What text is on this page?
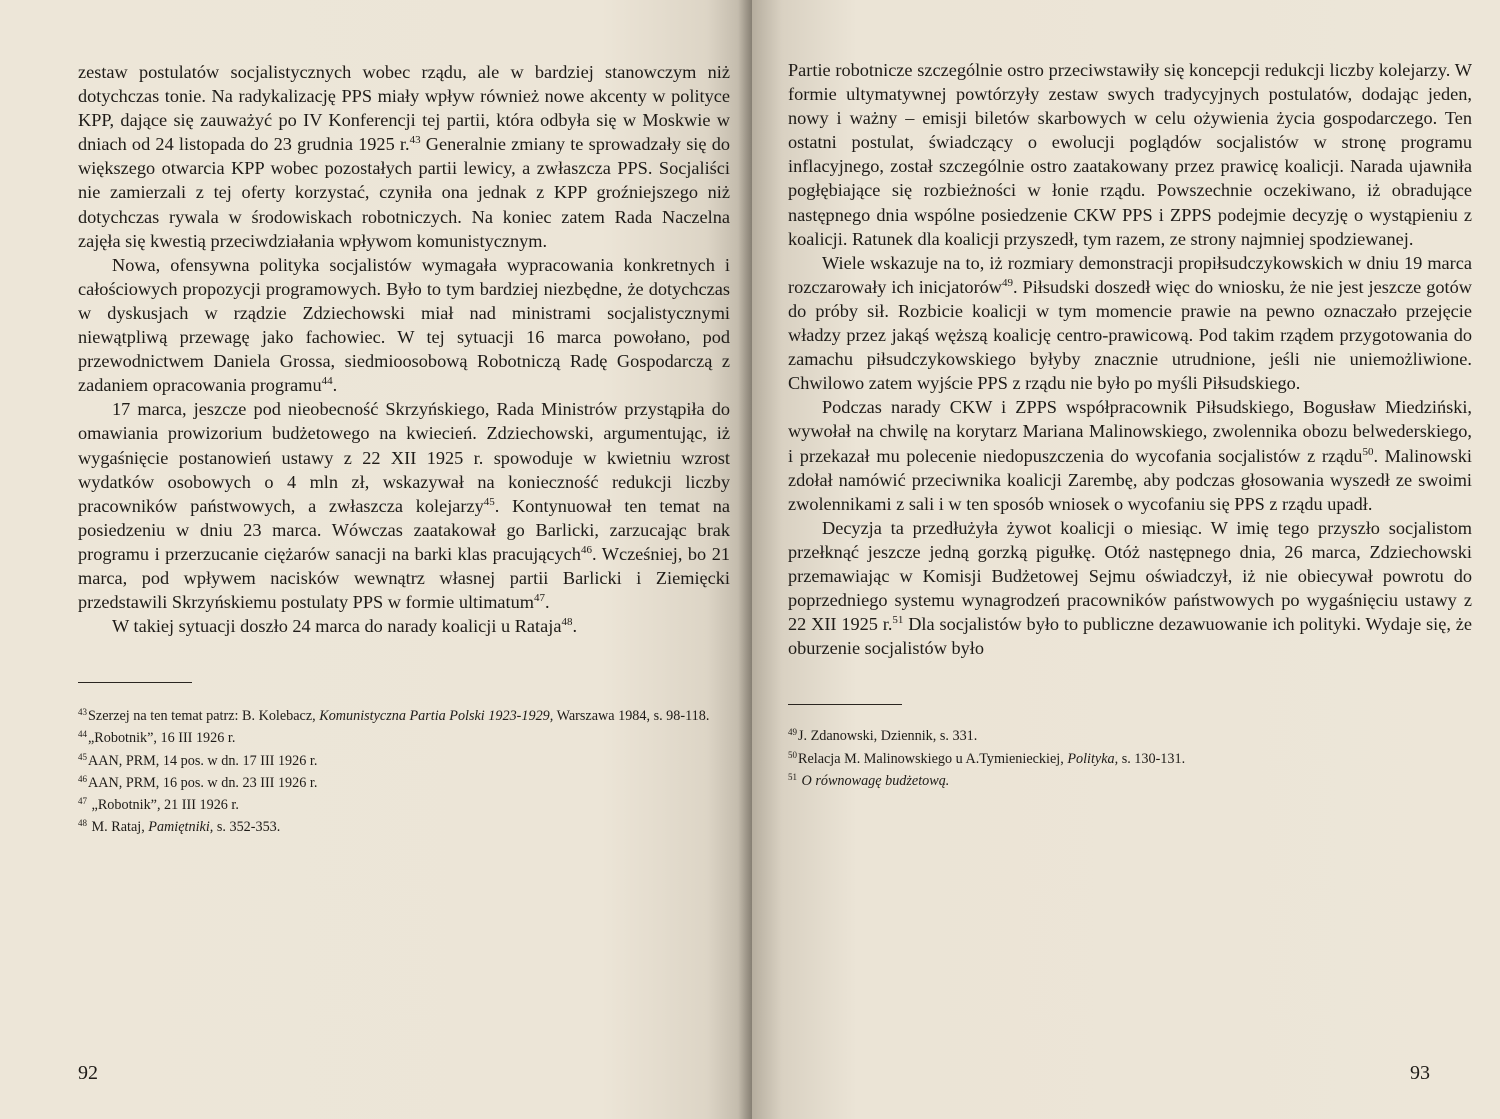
zestaw postulatów socjalistycznych wobec rządu, ale w bardziej stanowczym niż dotychczas tonie. Na radykalizację PPS miały wpływ również nowe akcenty w polityce KPP, dające się zauważyć po IV Konferencji tej partii, która odbyła się w Moskwie w dniach od 24 listopada do 23 grudnia 1925 r.$^{43}$ Generalnie zmiany te sprowadzały się do większego otwarcia KPP wobec pozostałych partii lewicy, a zwłaszcza PPS. Socjaliści nie zamierzali z tej oferty korzystać, czyniła ona jednak z KPP groźniejszego niż dotychczas rywala w środowiskach robotniczych. Na koniec zatem Rada Naczelna zajęła się kwestią przeciwdziałania wpływom komunistycznym.

Nowa, ofensywna polityka socjalistów wymagała wypracowania konkretnych i całościowych propozycji programowych. Było to tym bardziej niezbędne, że dotychczas w dyskusjach w rządzie Zdziechowski miał nad ministrami socjalistycznymi niewątpliwą przewagę jako fachowiec. W tej sytuacji 16 marca powołano, pod przewodnictwem Daniela Grossa, siedmioosobową Robotniczą Radę Gospodarczą z zadaniem opracowania programu$^{44}$.

17 marca, jeszcze pod nieobecność Skrzyńskiego, Rada Ministrów przystąpiła do omawiania prowizorium budżetowego na kwiecień. Zdziechowski, argumentując, iż wygaśnięcie postanowień ustawy z 22 XII 1925 r. spowoduje w kwietniu wzrost wydatków osobowych o 4 mln zł, wskazywał na konieczność redukcji liczby pracowników państwowych, a zwłaszcza kolejarzy$^{45}$. Kontynuował ten temat na posiedzeniu w dniu 23 marca. Wówczas zaatakował go Barlicki, zarzucając brak programu i przerzucanie ciężarów sanacji na barki klas pracujących$^{46}$. Wcześniej, bo 21 marca, pod wpływem nacisków wewnątrz własnej partii Barlicki i Ziemięcki przedstawili Skrzyńskiemu postulaty PPS w formie ultimatum$^{47}$.

W takiej sytuacji doszło 24 marca do narady koalicji u Rataja$^{48}$.

$^{43}$Szerzej na ten temat patrz: B. Kolebacz, Komunistyczna Partia Polski 1923-1929, Warszawa 1984, s. 98-118.

$^{44}$„Robotnik”, 16 III 1926 r.

$^{45}$AAN, PRM, 14 pos. w dn. 17 III 1926 r.

$^{46}$AAN, PRM, 16 pos. w dn. 23 III 1926 r.

$^{47}$ „Robotnik”, 21 III 1926 r.

$^{48}$ M. Rataj, Pamiętniki, s. 352-353.

92

Partie robotnicze szczególnie ostro przeciwstawiły się koncepcji redukcji liczby kolejarzy. W formie ultymatywnej powtórzyły zestaw swych tradycyjnych postulatów, dodając jeden, nowy i ważny – emisji biletów skarbowych w celu ożywienia życia gospodarczego. Ten ostatni postulat, świadczący o ewolucji poglądów socjalistów w stronę programu inflacyjnego, został szczególnie ostro zaatakowany przez prawicę koalicji. Narada ujawniła pogłębiające się rozbieżności w łonie rządu. Powszechnie oczekiwano, iż obradujące następnego dnia wspólne posiedzenie CKW PPS i ZPPS podejmie decyzję o wystąpieniu z koalicji. Ratunek dla koalicji przyszedł, tym razem, ze strony najmniej spodziewanej.

Wiele wskazuje na to, iż rozmiary demonstracji propiłsudczykowskich w dniu 19 marca rozczarowały ich inicjatorów$^{49}$. Piłsudski doszedł więc do wniosku, że nie jest jeszcze gotów do próby sił. Rozbicie koalicji w tym momencie prawie na pewno oznaczało przejęcie władzy przez jakąś węższą koalicję centro-prawicową. Pod takim rządem przygotowania do zamachu piłsudczykowskiego byłyby znacznie utrudnione, jeśli nie uniemożliwione. Chwilowo zatem wyjście PPS z rządu nie było po myśli Piłsudskiego.

Podczas narady CKW i ZPPS współpracownik Piłsudskiego, Bogusław Miedziński, wywołał na chwilę na korytarz Mariana Malinowskiego, zwolennika obozu belwederskiego, i przekazał mu polecenie niedopuszczenia do wycofania socjalistów z rządu$^{50}$. Malinowski zdołał namówić przeciwnika koalicji Zarembę, aby podczas głosowania wyszedł ze swoimi zwolennikami z sali i w ten sposób wniosek o wycofaniu się PPS z rządu upadł.

Decyzja ta przedłużyła żywot koalicji o miesiąc. W imię tego przyszło socjalistom przełknąć jeszcze jedną gorzką pigułkę. Otóż następnego dnia, 26 marca, Zdziechowski przemawiając w Komisji Budżetowej Sejmu oświadczył, iż nie obiecywał powrotu do poprzedniego systemu wynagrodzeń pracowników państwowych po wygaśnięciu ustawy z 22 XII 1925 r.$^{51}$ Dla socjalistów było to publiczne dezawuowanie ich polityki. Wydaje się, że oburzenie socjalistów było

$^{49}$J. Zdanowski, Dziennik, s. 331.

$^{50}$Relacja M. Malinowskiego u A.Tymienieckiej, Polityka, s. 130-131.

$^{51}$ O równowagę budżetową.

93
